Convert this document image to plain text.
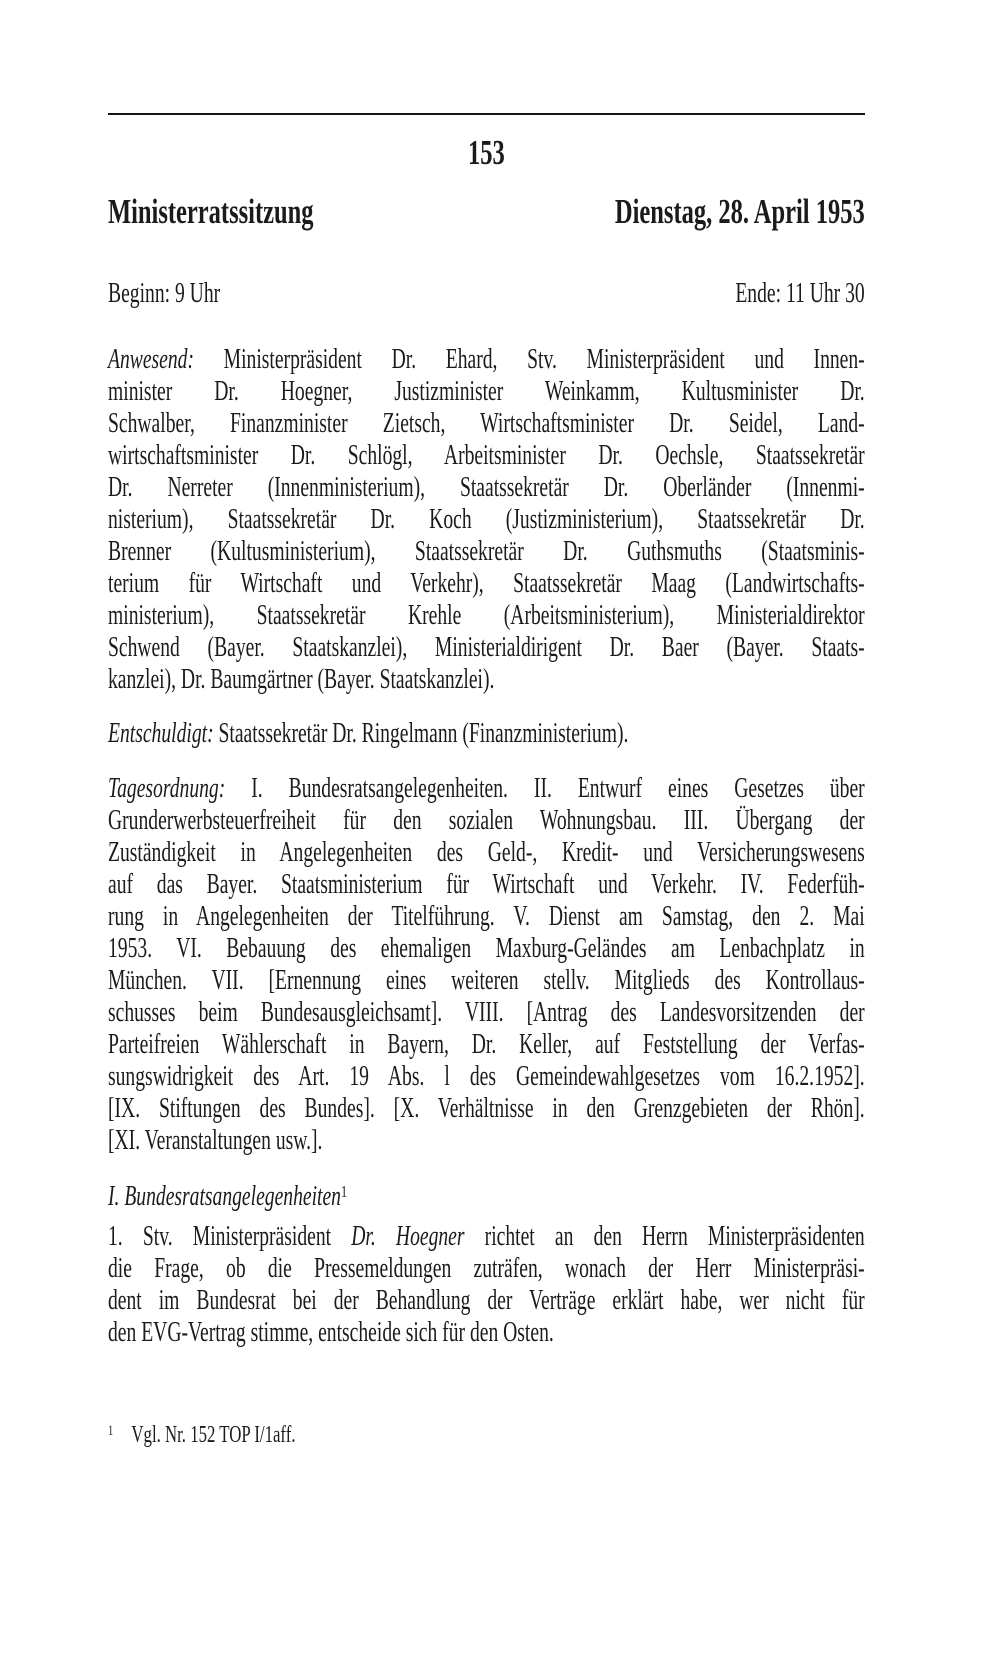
153
Ministerratssitzung	Dienstag, 28. April 1953
Beginn: 9 Uhr	Ende: 11 Uhr 30
Anwesend: Ministerpräsident Dr. Ehard, Stv. Ministerpräsident und Innen-
minister Dr. Hoegner, Justizminister Weinkamm, Kultusminister Dr.
Schwalber, Finanzminister Zietsch, Wirtschaftsminister Dr. Seidel, Land-
wirtschaftsminister Dr. Schlögl, Arbeitsminister Dr. Oechsle, Staatssekretär
Dr. Nerreter (Innenministerium), Staatssekretär Dr. Oberländer (Innenmi-
nisterium), Staatssekretär Dr. Koch (Justizministerium), Staatssekretär Dr.
Brenner (Kultusministerium), Staatssekretär Dr. Guthsmuths (Staatsminis-
terium für Wirtschaft und Verkehr), Staatssekretär Maag (Landwirtschafts-
ministerium), Staatssekretär Krehle (Arbeitsministerium), Ministerialdirektor
Schwend (Bayer. Staatskanzlei), Ministerialdirigent Dr. Baer (Bayer. Staats-
kanzlei), Dr. Baumgärtner (Bayer. Staatskanzlei).
Entschuldigt: Staatssekretär Dr. Ringelmann (Finanzministerium).
Tagesordnung: I. Bundesratsangelegenheiten. II. Entwurf eines Gesetzes über
Grunderwerbsteuerfreiheit für den sozialen Wohnungsbau. III. Übergang der
Zuständigkeit in Angelegenheiten des Geld-, Kredit- und Versicherungswesens
auf das Bayer. Staatsministerium für Wirtschaft und Verkehr. IV. Federfüh-
rung in Angelegenheiten der Titelführung. V. Dienst am Samstag, den 2. Mai
1953. VI. Bebauung des ehemaligen Maxburg-Geländes am Lenbachplatz in
München. VII. [Ernennung eines weiteren stellv. Mitglieds des Kontrollaus-
schusses beim Bundesausgleichsamt]. VIII. [Antrag des Landesvorsitzenden der
Parteifreien Wählerschaft in Bayern, Dr. Keller, auf Feststellung der Verfas-
sungswidrigkeit des Art. 19 Abs. l des Gemeindewahlgesetzes vom 16.2.1952].
[IX. Stiftungen des Bundes]. [X. Verhältnisse in den Grenzgebieten der Rhön].
[XI. Veranstaltungen usw.].
I. Bundesratsangelegenheiten$^1$
1. Stv. Ministerpräsident Dr. Hoegner richtet an den Herrn Ministerpräsidenten
die Frage, ob die Pressemeldungen zuträfen, wonach der Herr Ministerpräsi-
dent im Bundesrat bei der Behandlung der Verträge erklärt habe, wer nicht für
den EVG-Vertrag stimme, entscheide sich für den Osten.
$^1$ Vgl. Nr. 152 TOP I/1aff.
